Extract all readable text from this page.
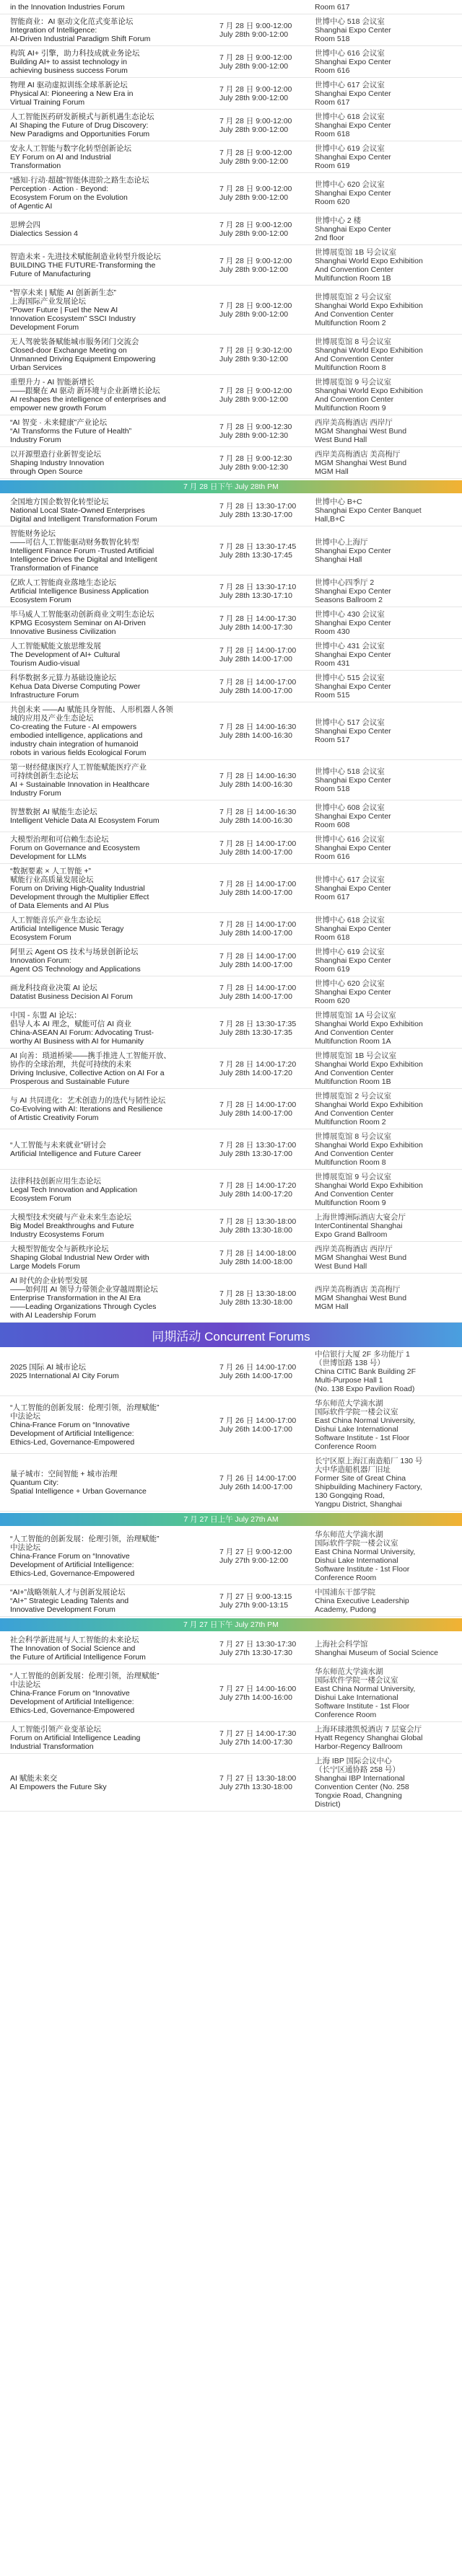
in the Innovation Industries Forum	Room 617
智能商业：AI 驱动文化范式变革论坛
Integration of Intelligence:
AI-Driven Industrial Paradigm Shift Forum
7 月 28 日 9:00-12:00
July 28th 9:00-12:00
世博中心 518 会议室
Shanghai Expo Center
Room 518
构筑 AI+ 引擎，助力科技成就业务论坛
Building AI+ to assist technology in
achieving business success Forum
7 月 28 日 9:00-12:00
July 28th 9:00-12:00
世博中心 616 会议室
Shanghai Expo Center
Room 616
物理 AI 驱动虚拟训练全球革新论坛
Physical AI: Pioneering a New Era in
Virtual Training Forum
7 月 28 日 9:00-12:00
July 28th 9:00-12:00
世博中心 617 会议室
Shanghai Expo Center
Room 617
人工智能医药研发新模式与新机遇生态论坛
AI Shaping the Future of Drug Discovery:
New Paradigms and Opportunities Forum
7 月 28 日 9:00-12:00
July 28th 9:00-12:00
世博中心 618 会议室
Shanghai Expo Center
Room 618
安永人工智能与数字化转型创新论坛
EY Forum on AI and Industrial
Transformation
7 月 28 日 9:00-12:00
July 28th 9:00-12:00
世博中心 619 会议室
Shanghai Expo Center
Room 619
“感知·行动·超越”智能体进阶之路生态论坛
Perception · Action · Beyond:
Ecosystem Forum on the Evolution
of Agentic AI
7 月 28 日 9:00-12:00
July 28th 9:00-12:00
世博中心 620 会议室
Shanghai Expo Center
Room 620
思辨会四
Dialectics Session 4
7 月 28 日 9:00-12:00
July 28th 9:00-12:00
世博中心 2 楼
Shanghai Expo Center
2nd floor
智造未来 - 先进技术赋能制造业转型升级论坛
BUILDING THE FUTURE-Transforming the
Future of Manufacturing
7 月 28 日 9:00-12:00
July 28th 9:00-12:00
世博展览馆 1B 号会议室
Shanghai World Expo Exhibition
And Convention Center
Multifunction Room 1B
“智享未来 | 赋能 AI 创新新生态”
上海国际产业发展论坛
“Power Future | Fuel the New AI
Innovation Ecosystem” SSCI Industry
Development Forum
7 月 28 日 9:00-12:00
July 28th 9:00-12:00
世博展览馆 2 号会议室
Shanghai World Expo Exhibition
And Convention Center
Multifunction Room 2
无人驾驶装备赋能城市服务闭门交流会
Closed-door Exchange Meeting on
Unmanned Driving Equipment Empowering
Urban Services
7 月 28 日 9:30-12:00
July 28th 9:30-12:00
世博展览馆 8 号会议室
Shanghai World Expo Exhibition
And Convention Center
Multifunction Room 8
重塑升力 - AI 智能新增长
——跟聚在 AI 驱动 新环境与企业新增长论坛
AI reshapes the intelligence of enterprises and
empower new growth Forum
7 月 28 日 9:00-12:00
July 28th 9:00-12:00
世博展览馆 9 号会议室
Shanghai World Expo Exhibition
And Convention Center
Multifunction Room 9
“AI 智变 · 未来健康”产业论坛
“AI Transforms the Future of Health”
Industry Forum
7 月 28 日 9:00-12:30
July 28th 9:00-12:30
西岸美高梅酒店 西岸厅
MGM Shanghai West Bund
West Bund Hall
以开源塑造行业新智变论坛
Shaping Industry Innovation
through Open Source
7 月 28 日 9:00-12:30
July 28th 9:00-12:30
西岸美高梅酒店 美高梅厅
MGM Shanghai West Bund
MGM Hall
7 月 28 日下午 July 28th PM
全国地方国企数智化转型论坛
National Local State-Owned Enterprises
Digital and Intelligent Transformation Forum
7 月 28 日 13:30-17:00
July 28th 13:30-17:00
世博中心 B+C
Shanghai Expo Center Banquet
Hall,B+C
智能财务论坛
——可信人工智能驱动财务数智化转型
Intelligent Finance Forum -Trusted Artificial
Intelligence Drives the Digital and Intelligent
Transformation of Finance
7 月 28 日 13:30-17:45
July 28th 13:30-17:45
世博中心上海厅
Shanghai Expo Center
Shanghai Hall
亿欧人工智能商业落地生态论坛
Artificial Intelligence Business Application
Ecosystem Forum
7 月 28 日 13:30-17:10
July 28th 13:30-17:10
世博中心四季厅 2
Shanghai Expo Center
Seasons Ballroom 2
毕马威人工智能驱动创新商业文明生态论坛
KPMG Ecosystem Seminar on AI-Driven
Innovative Business Civilization
7 月 28 日 14:00-17:30
July 28th 14:00-17:30
世博中心 430 会议室
Shanghai Expo Center
Room 430
人工智能赋能文旅思维发展
The Development of AI+ Cultural
Tourism Audio-visual
7 月 28 日 14:00-17:00
July 28th 14:00-17:00
世博中心 431 会议室
Shanghai Expo Center
Room 431
科华数据多元算力基础设施论坛
Kehua Data Diverse Computing Power
Infrastructure Forum
7 月 28 日 14:00-17:00
July 28th 14:00-17:00
世博中心 515 会议室
Shanghai Expo Center
Room 515
共创未来 ——AI 赋能具身智能、人形机器人各领
域的应用及产业生态论坛
Co-creating the Future - AI empowers
embodied intelligence, applications and
industry chain integration of humanoid
robots in various fields Ecological Forum
7 月 28 日 14:00-16:30
July 28th 14:00-16:30
世博中心 517 会议室
Shanghai Expo Center
Room 517
第一财经健康医疗人工智能赋能医疗产业
可持续创新生态论坛
AI + Sustainable Innovation in Healthcare
Industry Forum
7 月 28 日 14:00-16:30
July 28th 14:00-16:30
世博中心 518 会议室
Shanghai Expo Center
Room 518
智慧数据 AI 赋能生态论坛
Intelligent Vehicle Data AI Ecosystem Forum
7 月 28 日 14:00-16:30
July 28th 14:00-16:30
世博中心 608 会议室
Shanghai Expo Center
Room 608
大模型治理和可信赖生态论坛
Forum on Governance and Ecosystem
Development for LLMs
7 月 28 日 14:00-17:00
July 28th 14:00-17:00
世博中心 616 会议室
Shanghai Expo Center
Room 616
“数据要素 × 人工智能 +”
赋能行业高质量发展论坛
Forum on Driving High-Quality Industrial
Development through the Multiplier Effect
of Data Elements and AI Plus
7 月 28 日 14:00-17:00
July 28th 14:00-17:00
世博中心 617 会议室
Shanghai Expo Center
Room 617
人工智能音乐产业生态论坛
Artificial Intelligence Music Teragy
Ecosystem Forum
7 月 28 日 14:00-17:00
July 28th 14:00-17:00
世博中心 618 会议室
Shanghai Expo Center
Room 618
阿里云 Agent OS 技术与场景创新论坛
Innovation Forum:
Agent OS Technology and Applications
7 月 28 日 14:00-17:00
July 28th 14:00-17:00
世博中心 619 会议室
Shanghai Expo Center
Room 619
画龙科技商业决策 AI 论坛
Datatist Business Decision AI Forum
7 月 28 日 14:00-17:00
July 28th 14:00-17:00
世博中心 620 会议室
Shanghai Expo Center
Room 620
中国 - 东盟 AI 论坛：
倡导人本 AI 理念，赋能可信 AI 商业
China-ASEAN AI Forum: Advocating Trust-
worthy AI Business with AI for Humanity
7 月 28 日 13:30-17:35
July 28th 13:30-17:35
世博展览馆 1A 号会议室
Shanghai World Expo Exhibition
And Convention Center
Multifunction Room 1A
AI 向善：琐道桥梁——携手推进人工智能开放、
协作的全球治理，共促可持续的未来
Driving Inclusive, Collective Action on AI For a
Prosperous and Sustainable Future
7 月 28 日 14:00-17:20
July 28th 14:00-17:20
世博展览馆 1B 号会议室
Shanghai World Expo Exhibition
And Convention Center
Multifunction Room 1B
与 AI 共同进化：艺术创造力的迭代与韧性论坛
Co-Evolving with AI: Iterations and Resilience
of Artistic Creativity Forum
7 月 28 日 14:00-17:00
July 28th 14:00-17:00
世博展览馆 2 号会议室
Shanghai World Expo Exhibition
And Convention Center
Multifunction Room 2
“人工智能与未来就业”研讨会
Artificial Intelligence and Future Career
7 月 28 日 13:30-17:00
July 28th 13:30-17:00
世博展览馆 8 号会议室
Shanghai World Expo Exhibition
And Convention Center
Multifunction Room 8
法律科技创新应用生态论坛
Legal Tech Innovation and Application
Ecosystem Forum
7 月 28 日 14:00-17:20
July 28th 14:00-17:20
世博展览馆 9 号会议室
Shanghai World Expo Exhibition
And Convention Center
Multifunction Room 9
大模型技术突破与产业未来生态论坛
Big Model Breakthroughs and Future
Industry Ecosystems Forum
7 月 28 日 13:30-18:00
July 28th 13:30-18:00
上海世博洲际酒店大宴会厅
InterContinental Shanghai
Expo Grand Ballroom
大模型智能安全与新秩序论坛
Shaping Global Industrial New Order with
Large Models Forum
7 月 28 日 14:00-18:00
July 28th 14:00-18:00
西岸美高梅酒店 西岸厅
MGM Shanghai West Bund
West Bund Hall
AI 时代的企业转型发展
——如何用 AI 领导力带领企业穿越周期论坛
Enterprise Transformation in the AI Era
——Leading Organizations Through Cycles
with AI Leadership Forum
7 月 28 日 13:30-18:00
July 28th 13:30-18:00
西岸美高梅酒店 美高梅厅
MGM Shanghai West Bund
MGM Hall
同期活动 Concurrent Forums
2025 国际 AI 城市论坛
2025 International AI City Forum
7 月 26 日 14:00-17:00
July 26th 14:00-17:00
中信银行大厦 2F 多功能厅 1
（世博馆路 138 号）
China CITIC Bank Building 2F
Multi-Purpose Hall 1
(No. 138 Expo Pavilion Road)
“人工智能的创新发展：伦理引领，治理赋能”
中法论坛
China-France Forum on “Innovative
Development of Artificial Intelligence:
Ethics-Led, Governance-Empowered
7 月 26 日 14:00-17:00
July 26th 14:00-17:00
华东师范大学滴水湖
国际软件学院一楼会议室
East China Normal University,
Dishui Lake International
Software Institute - 1st Floor
Conference Room
量子城市：空间智能 + 城市治理
Quantum City:
Spatial Intelligence + Urban Governance
7 月 26 日 14:00-17:00
July 26th 14:00-17:00
长宁区原上海江南造船厂 130 号
大中华造船机器厂旧址
Former Site of Great China
Shipbuilding Machinery Factory,
130 Gongqing Road,
Yangpu District, Shanghai
7 月 27 日上午 July 27th AM
“人工智能的创新发展：伦理引领，治理赋能”
中法论坛
China-France Forum on “Innovative
Development of Artificial Intelligence:
Ethics-Led, Governance-Empowered
7 月 27 日 9:00-12:00
July 27th 9:00-12:00
华东师范大学滴水湖
国际软件学院一楼会议室
East China Normal University,
Dishui Lake International
Software Institute - 1st Floor
Conference Room
“AI+”战略领航人才与创新发展论坛
“AI+” Strategic Leading Talents and
Innovative Development Forum
7 月 27 日 9:00-13:15
July 27th 9:00-13:15
中国浦东干部学院
China Executive Leadership
Academy, Pudong
7 月 27 日下午 July 27th PM
社会科学新进展与人工智能的未来论坛
The Innovation of Social Science and
the Future of Artificial Intelligence Forum
7 月 27 日 13:30-17:30
July 27th 13:30-17:30
上海社会科学馆
Shanghai Museum of Social Science
“人工智能的创新发展：伦理引领，治理赋能”
中法论坛
China-France Forum on “Innovative
Development of Artificial Intelligence:
Ethics-Led, Governance-Empowered
7 月 27 日 14:00-16:00
July 27th 14:00-16:00
华东师范大学滴水湖
国际软件学院一楼会议室
East China Normal University,
Dishui Lake International
Software Institute - 1st Floor
Conference Room
人工智能引领产业变革论坛
Forum on Artificial Intelligence Leading
Industrial Transformation
7 月 27 日 14:00-17:30
July 27th 14:00-17:30
上海环球港凯悦酒店 7 层宴会厅
Hyatt Regency Shanghai Global
Harbor-Regency Ballroom
AI 赋能未来交
AI Empowers the Future Sky
7 月 27 日 13:30-18:00
July 27th 13:30-18:00
上海 IBP 国际会议中心
（长宁区通协路 258 号）
Shanghai IBP International
Convention Center (No. 258
Tongxie Road, Changning
District)
